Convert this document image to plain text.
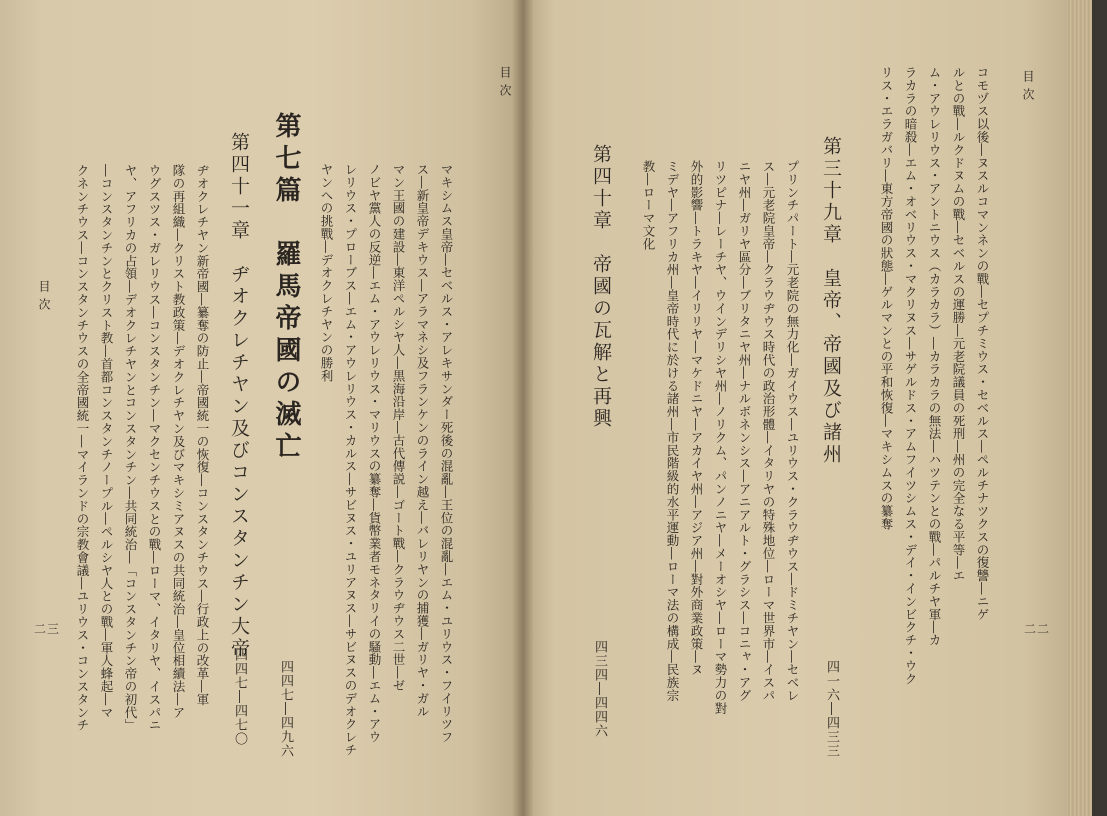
目次
二三	マキシムス皇帝―セベルス・アレキサンダー死後の混亂―王位の混亂―エム・ユリウス・フイリツフ
ス―新皇帝デキウス―アラマネシ及フランケンのライン越え―バレリヤンの捕獲―ガリヤ・ガル
マン王國の建設―東洋ペルシヤ人―黒海沿岸―古代傳説―ゴート戰―クラウヂウス二世―ゼ
ノビヤ黨人の反逆―エム・アウレリウス・マリウスの纂奪―貨幣業者モネタリイの騷動―エム・アウ
レリウス・プローブス―エム・アウレリウス・カルス―サビヌス・ユリアヌス―サビヌスのデオクレチ
ヤンへの挑戰―デオクレチヤンの勝利
第七篇　羅馬帝國の滅亡
四四七―四九六
第四十一章　ヂオクレチヤン及びコンスタンチン大帝
四四七―四七〇
ヂオクレチヤン新帝國―纂奪の防止―帝國統一の恢復―コンスタンチウス―行政上の改革―軍
隊の再組織―クリスト教政策―デオクレチヤン及びマキシミアヌスの共同統治―皇位相續法―ア
ウグスツス・ガレリウス―コンスタンチン―マクセンチウスとの戰―ローマ、イタリヤ、イスパニ
ヤ、アフリカの占領―デオクレチヤンとコンスタンチン―共同統治―「コンスタンチン帝の初代」
―コンスタンチンとクリスト教―首都コンスタンチノープル―ペルシヤ人との戰―軍人蜂起―マ
クネンチウス―コンスタンチウスの全帝國統一―マイランドの宗教會議―ユリウス・コンスタンチ
目次
目次
二二
コモヅス以後―ヌスルコマンネンの戰―セプチミウス・セベルス―ペルチナツクスの復讐―ニゲ
ルとの戰―ルクドヌムの戰―セベルスの運勝―元老院議員の死刑―州の完全なる平等―エ
ム・アウレリウス・アントニウス（カラカラ）―カラカラの無法―ハツテンとの戰―パルチヤ軍―カ
ラカラの暗殺―エム・オベリウス・マクリヌス―サゲルドス・アムフイツシムス・デイ・インビクチ・ウク
リス・エラガバリ―東方帝國の狀態―ゲルマンとの平和恢復―マキシムスの纂奪
第三十九章　皇帝、帝國及び諸州
四一六―四三三
プリンチパート―元老院の無力化―ガイウス―ユリウス・クラウヂウス―ドミチヤン―セベレ
ス―元老院皇帝―クラウヂウス時代の政治形體―イタリヤの特殊地位―ローマ世界市―イスパ
ニヤ州―ガリヤ區分―ブリタニヤ州―ナルボネンシス―アニアルト・グラシス―コニャ・アグ
リツピナ―レーチヤ、ウインデリシヤ州―ノリクム、パンノニヤ―メーオシヤ―ローマ勢力の對
外的影響―トラキヤ―イリリヤ―マケドニヤ―アカイヤ州―アジア州―對外商業政策―ヌ
ミデヤ―アフリカ州―皇帝時代に於ける諸州―市民階級的水平運動―ローマ法の構成―民族宗
教―ローマ文化
第四十章　帝國の瓦解と再興
四三四―四四六
